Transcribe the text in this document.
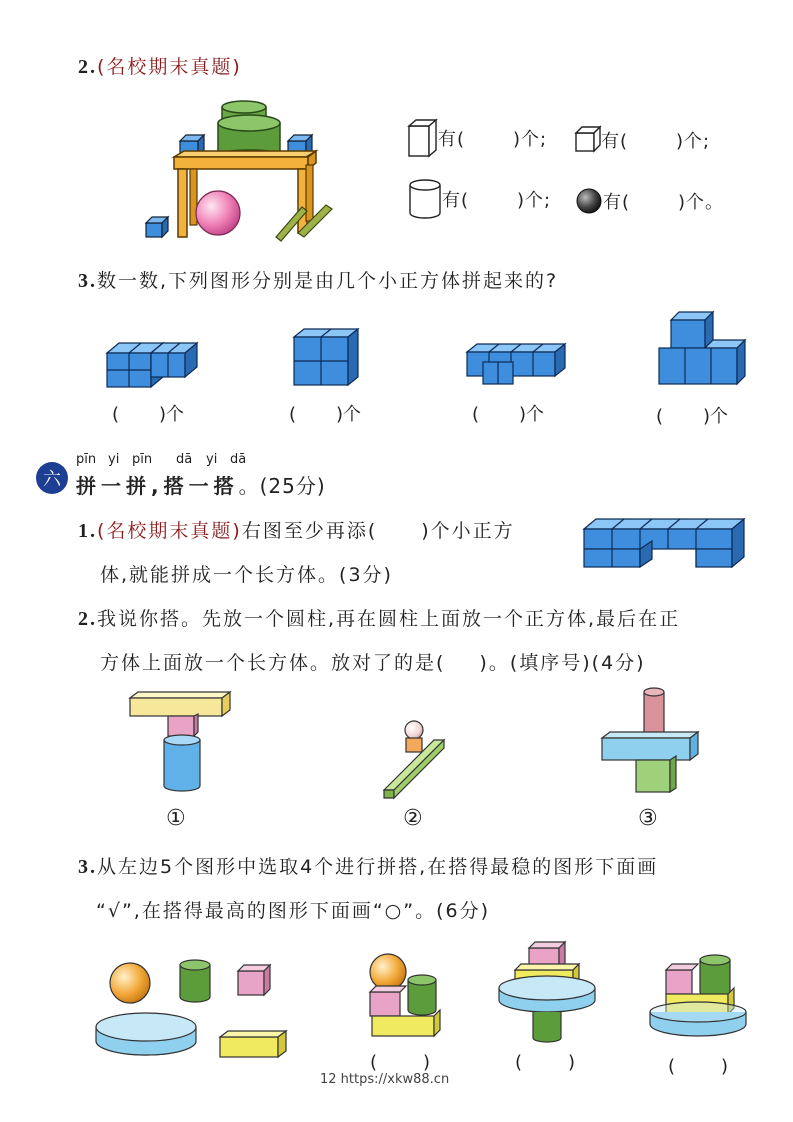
2.(名校期末真题)
有(	)个;	有(	)个;
有(	)个;	有(	)个。
3.数一数,下列图形分别是由几个小正方体拼起来的?
( )个	( )个	( )个	( )个
六
pīn yi pīn dā yi dā
拼一拼,搭一搭。(25分)
1.(名校期末真题)右图至少再添( )个小正方
体,就能拼成一个长方体。(3分)
2.我说你搭。先放一个圆柱,再在圆柱上面放一个正方体,最后在正
方体上面放一个长方体。放对了的是( )。(填序号)(4分)
①	②	③
3.从左边5个图形中选取4个进行拼搭,在搭得最稳的图形下面画
“√”,在搭得最高的图形下面画“○”。(6分)
(	)	(	)	(	)
12 https://xkw88.cn
